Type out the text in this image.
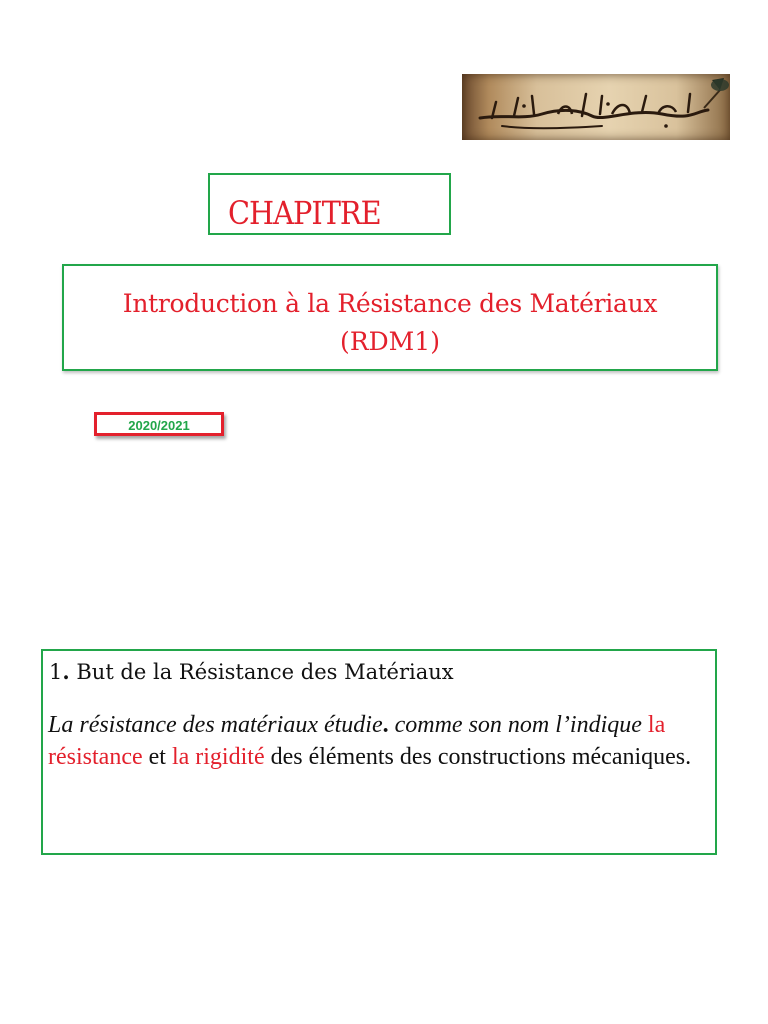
CHAPITRE
Introduction à la Résistance des Matériaux
(RDM1)
2020/2021
1. But de la Résistance des Matériaux
La résistance des matériaux étudie. comme son nom l’indique la résistance et la rigidité des éléments des constructions mécaniques.
